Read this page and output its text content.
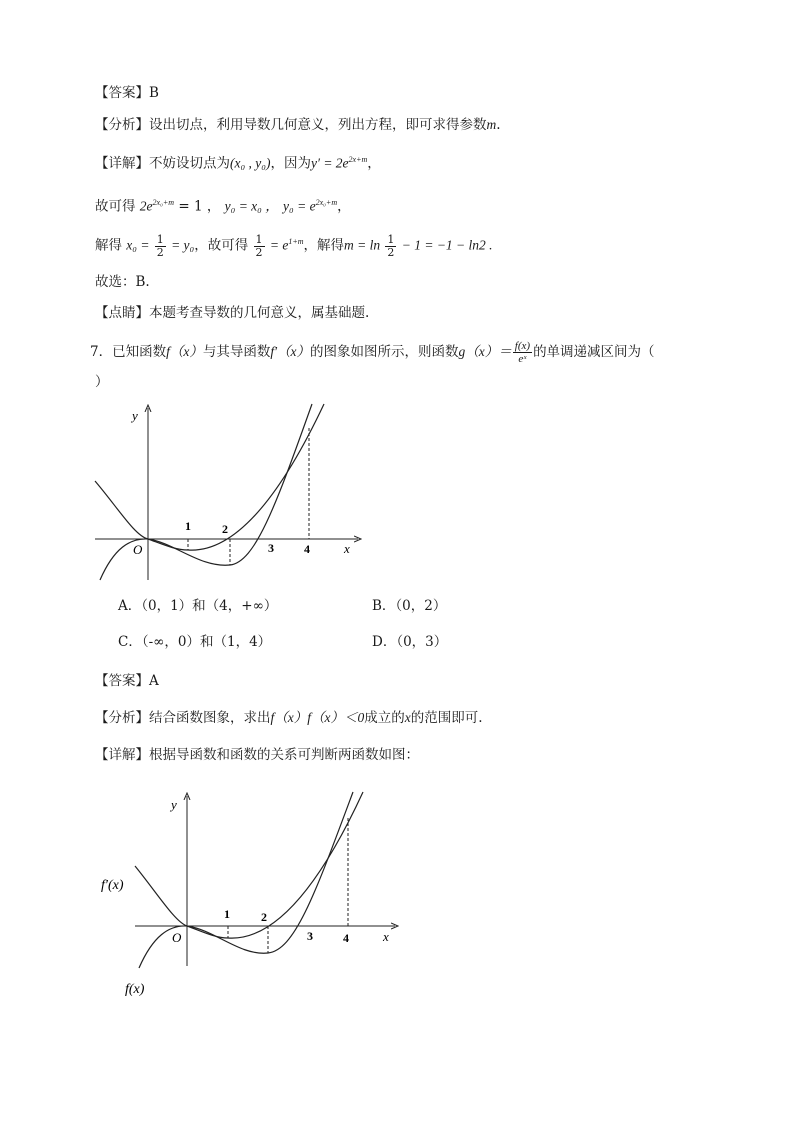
【答案】B
【分析】设出切点，利用导数几何意义，列出方程，即可求得参数m.
【详解】不妨设切点为(x₀ , y₀)，因为$y' = 2e^{2x+m}$，
故可得 $2e^{2x_0+m} = 1$ ， y₀ = x₀ ， $y_0 = e^{2x_0+m}$，
解得 $x_0 = \frac{1}{2} = y_0$，故可得 $\frac{1}{2} = e^{1+m}$，解得$m = \ln \frac{1}{2} - 1 = -1 - \ln 2$ .
故选：B.
【点睛】本题考查导数的几何意义，属基础题.
7．已知函数f（x）与其导函数f′（x）的图象如图所示，则函数$g(x)= \frac{f(x)}{\text{eˣ}}$ 的单调递减区间为（
）
y
x
O
1	2
3	4
A．（0，1）和（4，+∞）	B．（0，2）
C．（-∞，0）和（1，4）	D．（0，3）
【答案】A
【分析】结合函数图象，求出f（x）f（x）＜0成立的x的范围即可.
【详解】根据导函数和函数的关系可判断两函数如图：
y
x
O
1	2
3	4
f′(x)
f(x)
